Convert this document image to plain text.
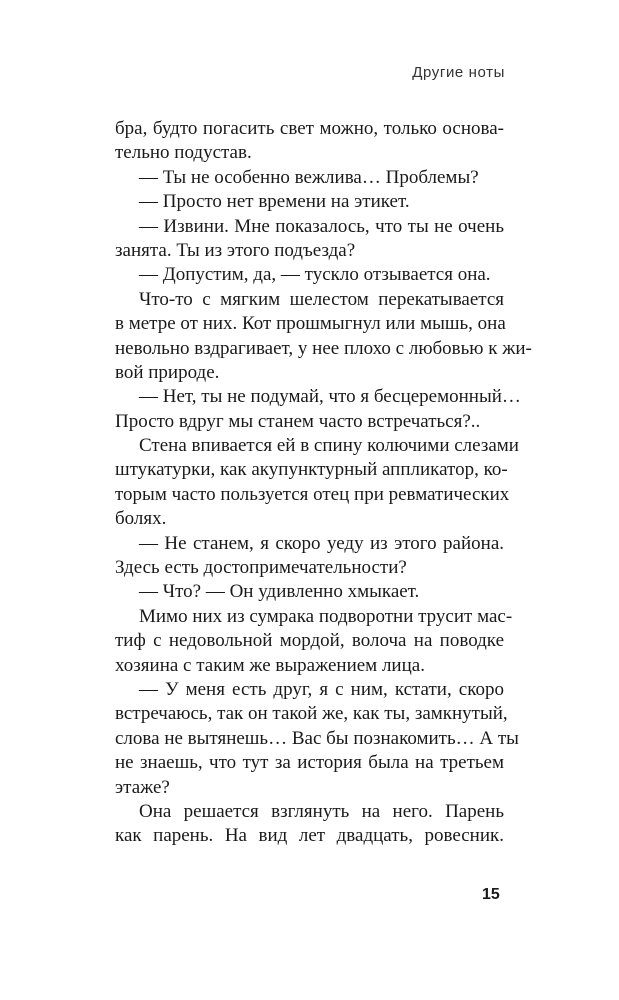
Другие ноты
бра, будто погасить свет можно, только основа-
тельно подустав.
— Ты не особенно вежлива… Проблемы?
— Просто нет времени на этикет.
— Извини. Мне показалось, что ты не очень
занята. Ты из этого подъезда?
— Допустим, да, — тускло отзывается она.
Что-то с мягким шелестом перекатывается
в метре от них. Кот прошмыгнул или мышь, она
невольно вздрагивает, у нее плохо с любовью к жи-
вой природе.
— Нет, ты не подумай, что я бесцеремонный…
Просто вдруг мы станем часто встречаться?..
Стена впивается ей в спину колючими слезами
штукатурки, как акупунктурный аппликатор, ко-
торым часто пользуется отец при ревматических
болях.
— Не станем, я скоро уеду из этого района.
Здесь есть достопримечательности?
— Что? — Он удивленно хмыкает.
Мимо них из сумрака подворотни трусит мас-
тиф с недовольной мордой, волоча на поводке
хозяина с таким же выражением лица.
— У меня есть друг, я с ним, кстати, скоро
встречаюсь, так он такой же, как ты, замкнутый,
слова не вытянешь… Вас бы познакомить… А ты
не знаешь, что тут за история была на третьем
этаже?
Она решается взглянуть на него. Парень
как парень. На вид лет двадцать, ровесник.
15
